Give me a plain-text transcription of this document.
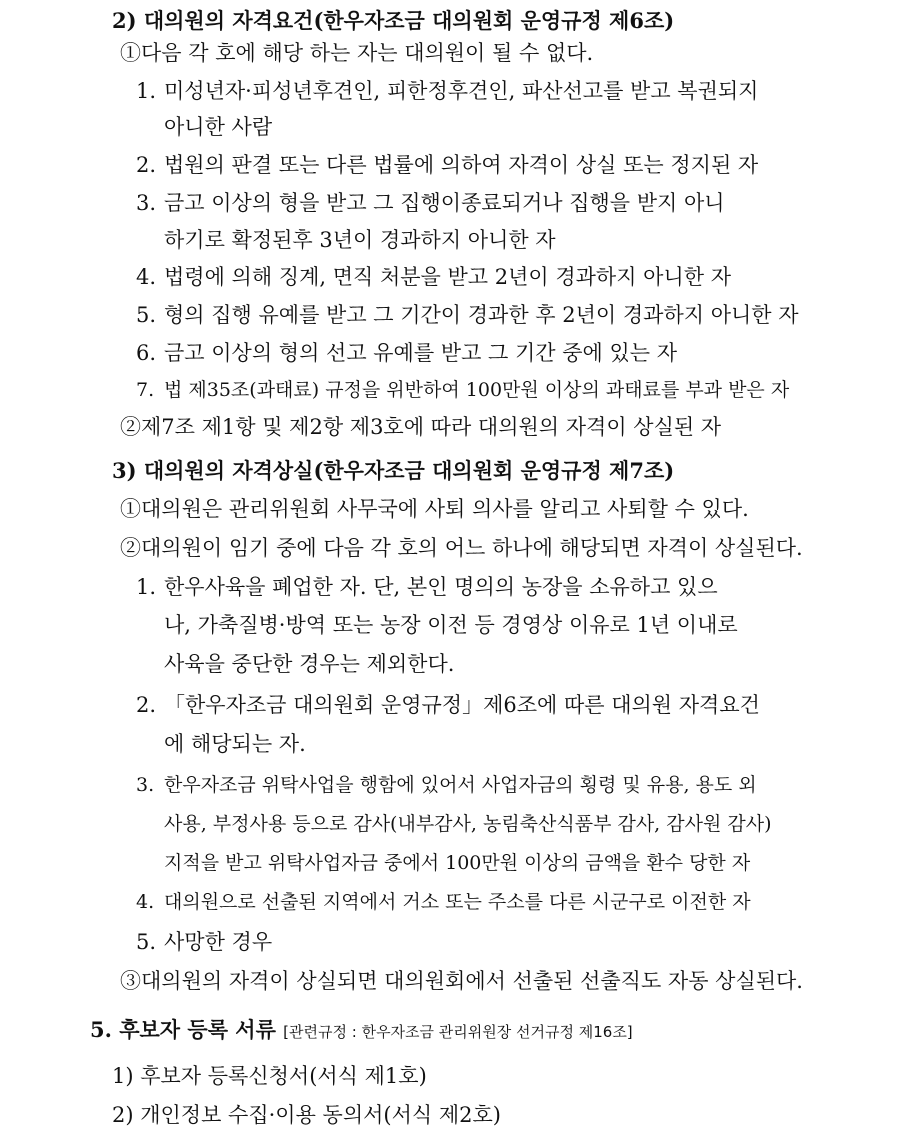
2) 대의원의 자격요건(한우자조금 대의원회 운영규정 제6조)
①다음 각 호에 해당 하는 자는 대의원이 될 수 없다.
1. 미성년자·피성년후견인, 피한정후견인, 파산선고를 받고 복권되지
아니한 사람
2. 법원의 판결 또는 다른 법률에 의하여 자격이 상실 또는 정지된 자
3. 금고 이상의 형을 받고 그 집행이종료되거나 집행을 받지 아니
하기로 확정된후 3년이 경과하지 아니한 자
4. 법령에 의해 징계, 면직 처분을 받고 2년이 경과하지 아니한 자
5. 형의 집행 유예를 받고 그 기간이 경과한 후 2년이 경과하지 아니한 자
6. 금고 이상의 형의 선고 유예를 받고 그 기간 중에 있는 자
7. 법 제35조(과태료) 규정을 위반하여 100만원 이상의 과태료를 부과 받은 자
②제7조 제1항 및 제2항 제3호에 따라 대의원의 자격이 상실된 자
3) 대의원의 자격상실(한우자조금 대의원회 운영규정 제7조)
①대의원은 관리위원회 사무국에 사퇴 의사를 알리고 사퇴할 수 있다.
②대의원이 임기 중에 다음 각 호의 어느 하나에 해당되면 자격이 상실된다.
1. 한우사육을 폐업한 자. 단, 본인 명의의 농장을 소유하고 있으
나, 가축질병·방역 또는 농장 이전 등 경영상 이유로 1년 이내로
사육을 중단한 경우는 제외한다.
2. 「한우자조금 대의원회 운영규정」제6조에 따른 대의원 자격요건
에 해당되는 자.
3. 한우자조금 위탁사업을 행함에 있어서 사업자금의 횡령 및 유용, 용도 외
사용, 부정사용 등으로 감사(내부감사, 농림축산식품부 감사, 감사원 감사)
지적을 받고 위탁사업자금 중에서 100만원 이상의 금액을 환수 당한 자
4. 대의원으로 선출된 지역에서 거소 또는 주소를 다른 시군구로 이전한 자
5. 사망한 경우
③대의원의 자격이 상실되면 대의원회에서 선출된 선출직도 자동 상실된다.
5. 후보자 등록 서류 [관련규정 : 한우자조금 관리위원장 선거규정 제16조]
1) 후보자 등록신청서(서식 제1호)
2) 개인정보 수집·이용 동의서(서식 제2호)
